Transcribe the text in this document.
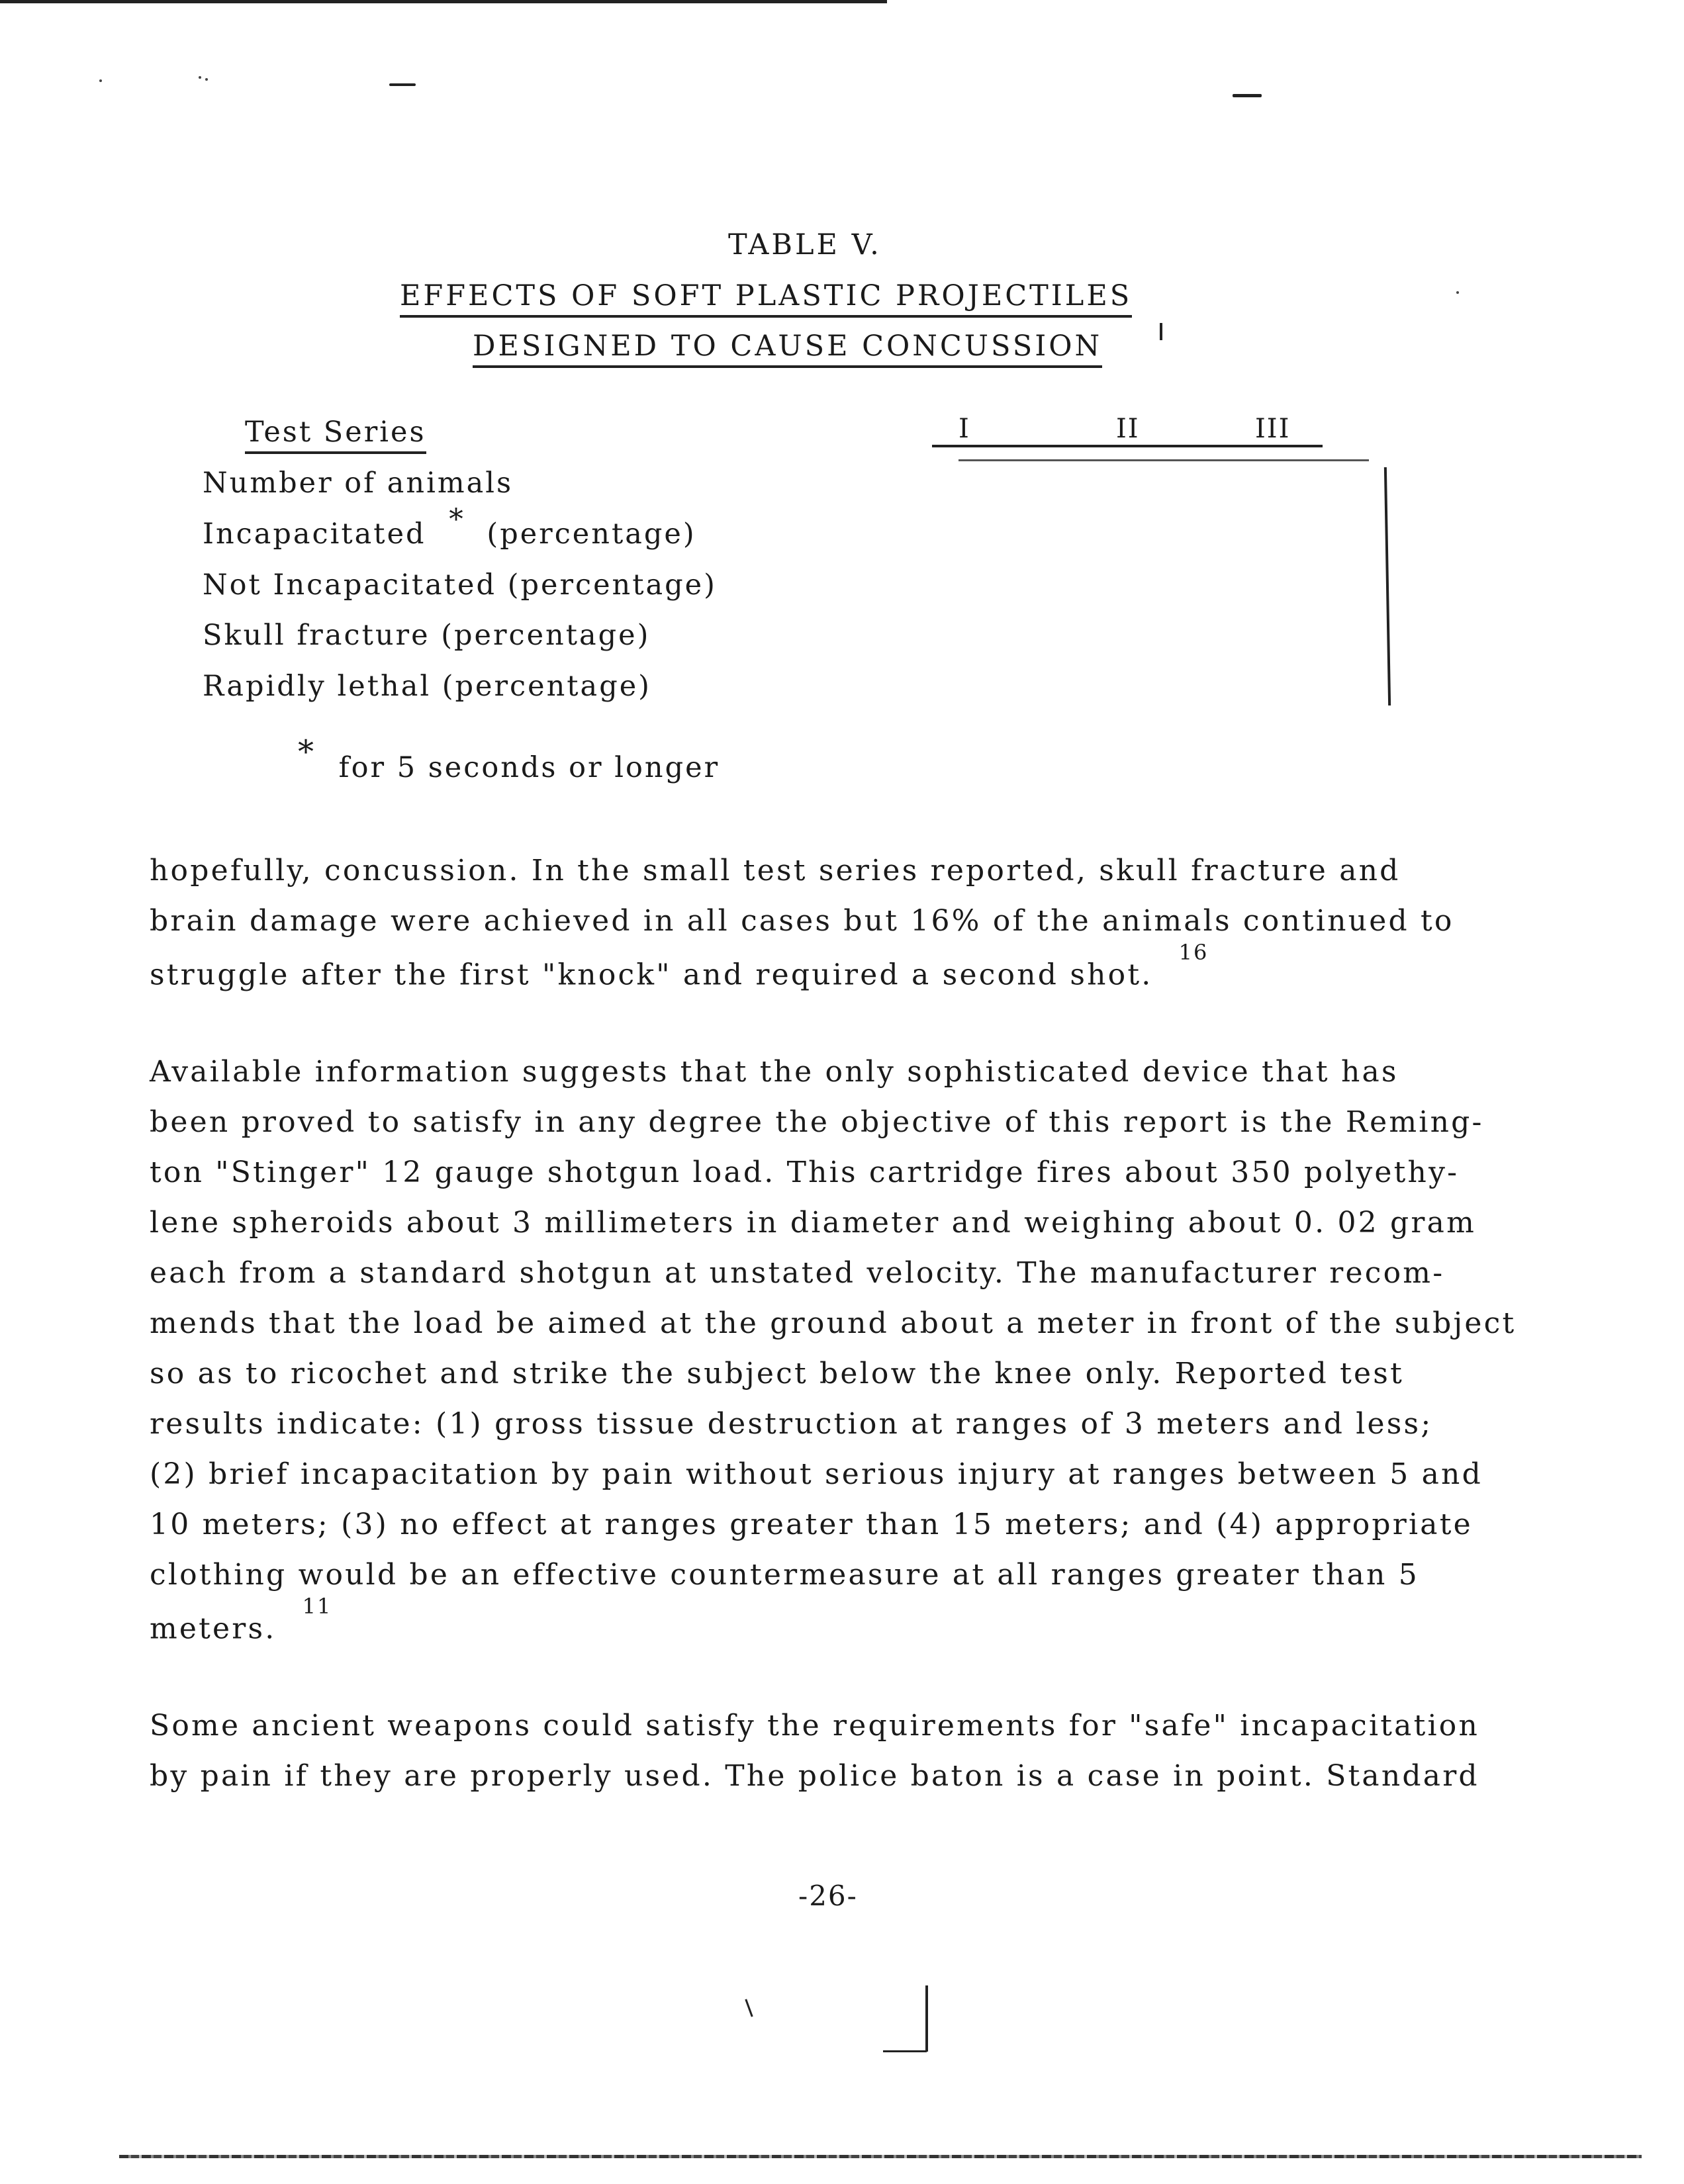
TABLE V.
EFFECTS OF SOFT PLASTIC PROJECTILES
DESIGNED TO CAUSE CONCUSSION
Test Series	I	II	III
Number of animals
Incapacitated * (percentage)
Not Incapacitated (percentage)
Skull fracture (percentage)
Rapidly lethal (percentage)
* for 5 seconds or longer
hopefully, concussion. In the small test series reported, skull fracture and
brain damage were achieved in all cases but 16% of the animals continued to
struggle after the first "knock" and required a second shot. $^{16}$
Available information suggests that the only sophisticated device that has
been proved to satisfy in any degree the objective of this report is the Reming-
ton "Stinger" 12 gauge shotgun load. This cartridge fires about 350 polyethy-
lene spheroids about 3 millimeters in diameter and weighing about 0. 02 gram
each from a standard shotgun at unstated velocity. The manufacturer recom-
mends that the load be aimed at the ground about a meter in front of the subject
so as to ricochet and strike the subject below the knee only. Reported test
results indicate: (1) gross tissue destruction at ranges of 3 meters and less;
(2) brief incapacitation by pain without serious injury at ranges between 5 and
10 meters; (3) no effect at ranges greater than 15 meters; and (4) appropriate
clothing would be an effective countermeasure at all ranges greater than 5
meters. $^{11}$
Some ancient weapons could satisfy the requirements for "safe" incapacitation
by pain if they are properly used. The police baton is a case in point. Standard
-26-
